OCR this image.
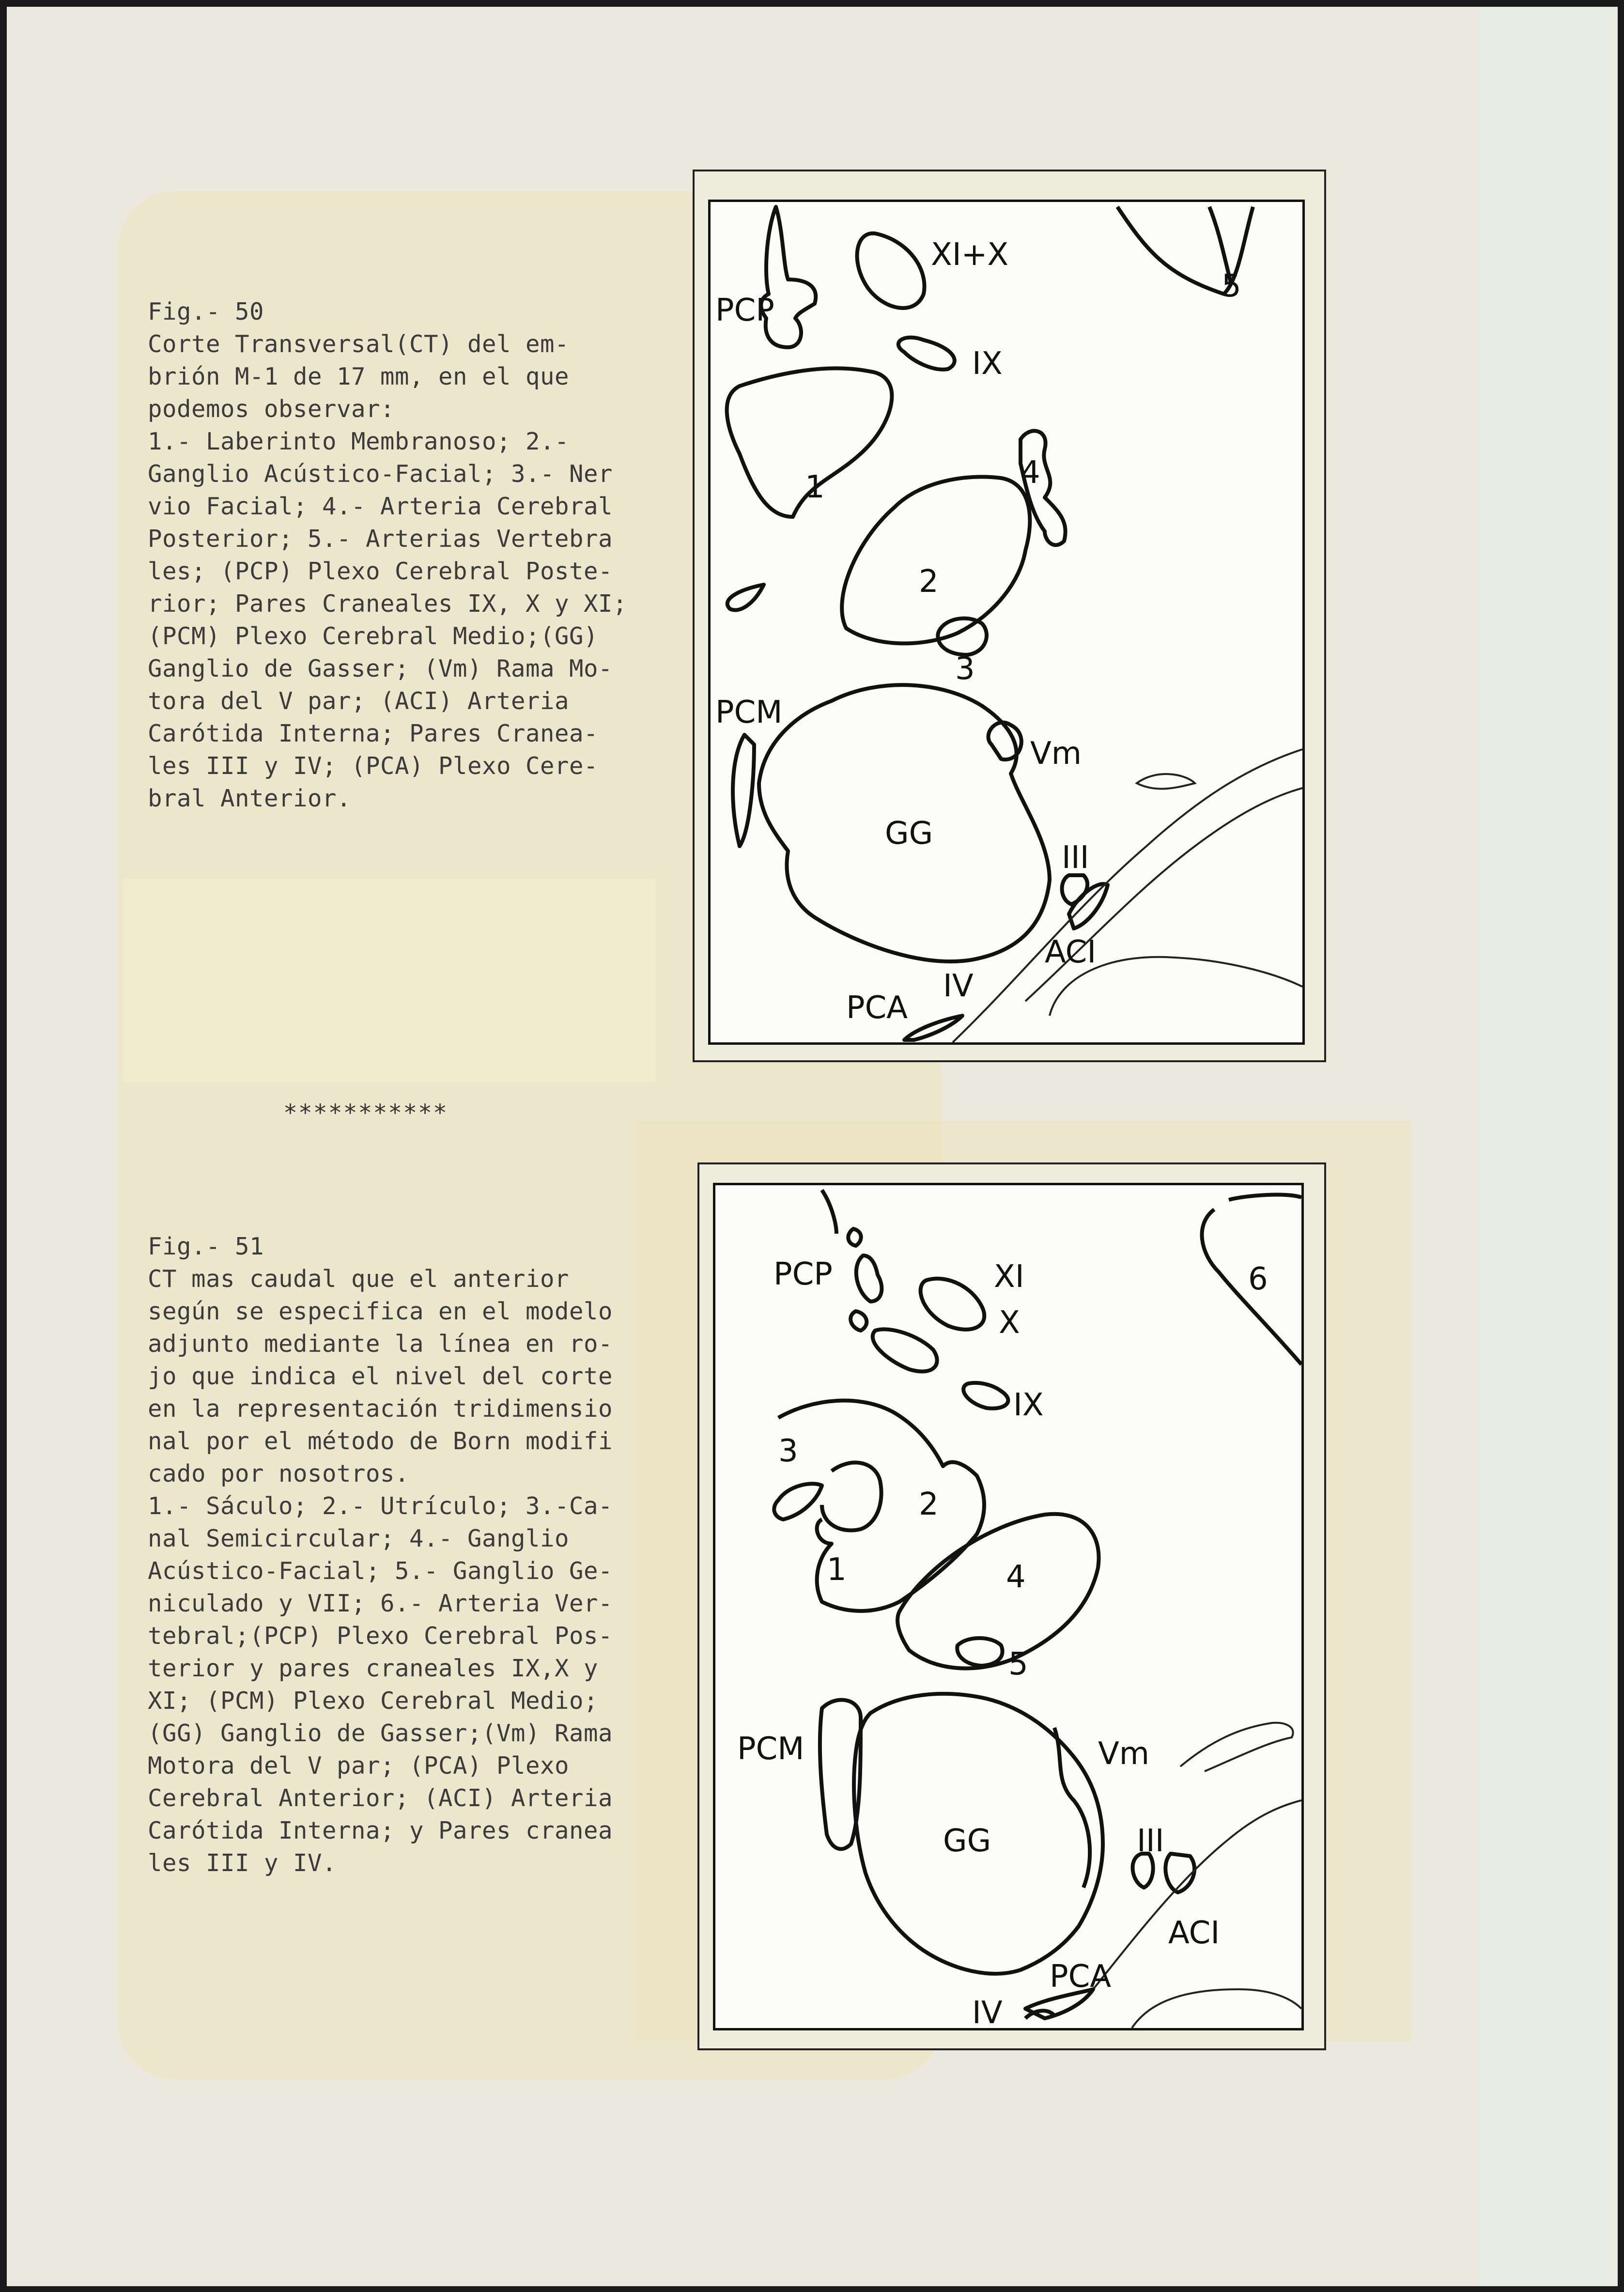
Fig.- 50

Corte Transversal(CT) del em-

brión M-1 de 17 mm, en el que

podemos observar:

1.- Laberinto Membranoso; 2.-

Ganglio Acústico-Facial; 3.- Ner

vio Facial; 4.- Arteria Cerebral

Posterior; 5.- Arterias Vertebra

les; (PCP) Plexo Cerebral Poste-

rior; Pares Craneales IX, X y XI;

(PCM) Plexo Cerebral Medio;(GG)

Ganglio de Gasser; (Vm) Rama Mo-

tora del V par; (ACI) Arteria

Carótida Interna; Pares Cranea-

les III y IV; (PCA) Plexo Cere-

bral Anterior.

***********

Fig.- 51

CT mas caudal que el anterior

según se especifica en el modelo

adjunto mediante la línea en ro-

jo que indica el nivel del corte

en la representación tridimensio

nal por el método de Born modifi

cado por nosotros.

1.- Sáculo; 2.- Utrículo; 3.-Ca-

nal Semicircular; 4.- Ganglio

Acústico-Facial; 5.- Ganglio Ge-

niculado y VII; 6.- Arteria Ver-

tebral;(PCP) Plexo Cerebral Pos-

terior y pares craneales IX,X y

XI; (PCM) Plexo Cerebral Medio;

(GG) Ganglio de Gasser;(Vm) Rama

Motora del V par; (PCA) Plexo

Cerebral Anterior; (ACI) Arteria

Carótida Interna; y Pares cranea

les III y IV.

XI+X
PCP
IX
5
1	4
2
3
PCM
Vm
GG
III
ACI
IV
PCA
PCP	XI
X
6
IX
3
2
1	4
5
PCM	Vm
GG	III
ACI
IV
PCA
